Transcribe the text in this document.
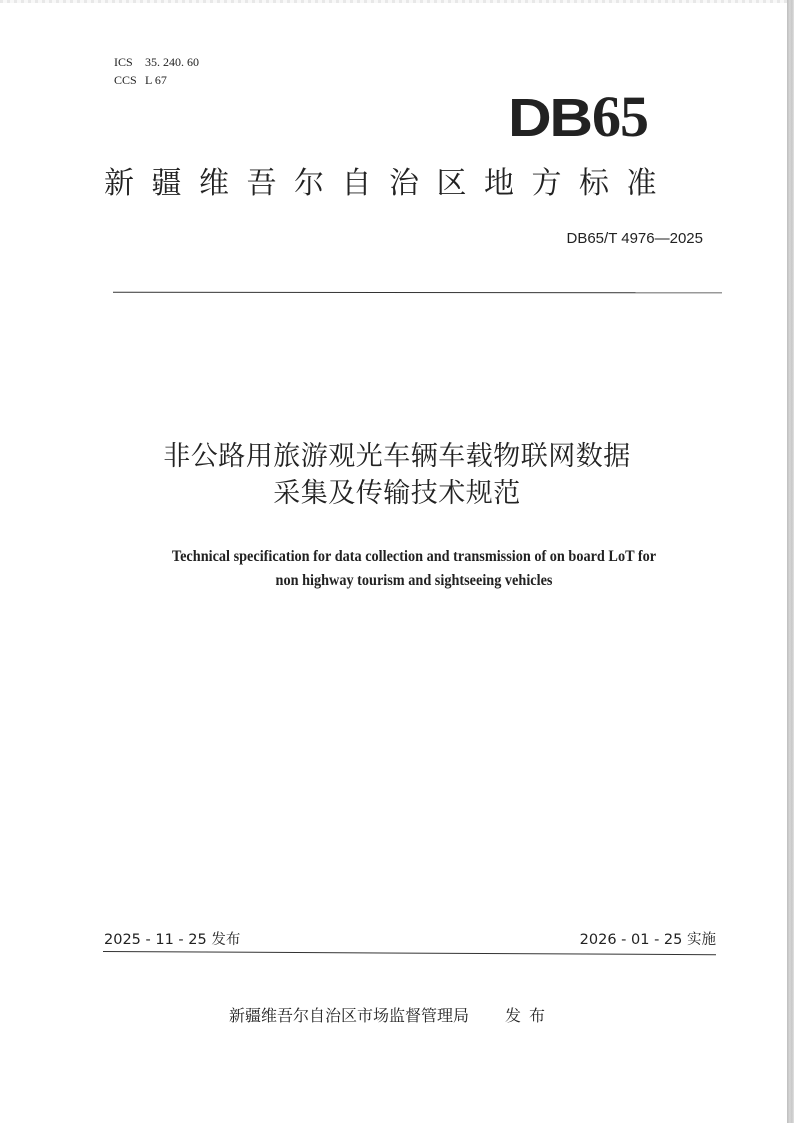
ICS 35. 240. 60
CCS L 67
DB65
新疆维吾尔自治区地方标准
DB65/T 4976—2025
非公路用旅游观光车辆车载物联网数据
采集及传输技术规范
Technical specification for data collection and transmission of on board LoT for
non highway tourism and sightseeing vehicles
2025 - 11 - 25 发布	2026 - 01 - 25 实施
新疆维吾尔自治区市场监督管理局 发布
